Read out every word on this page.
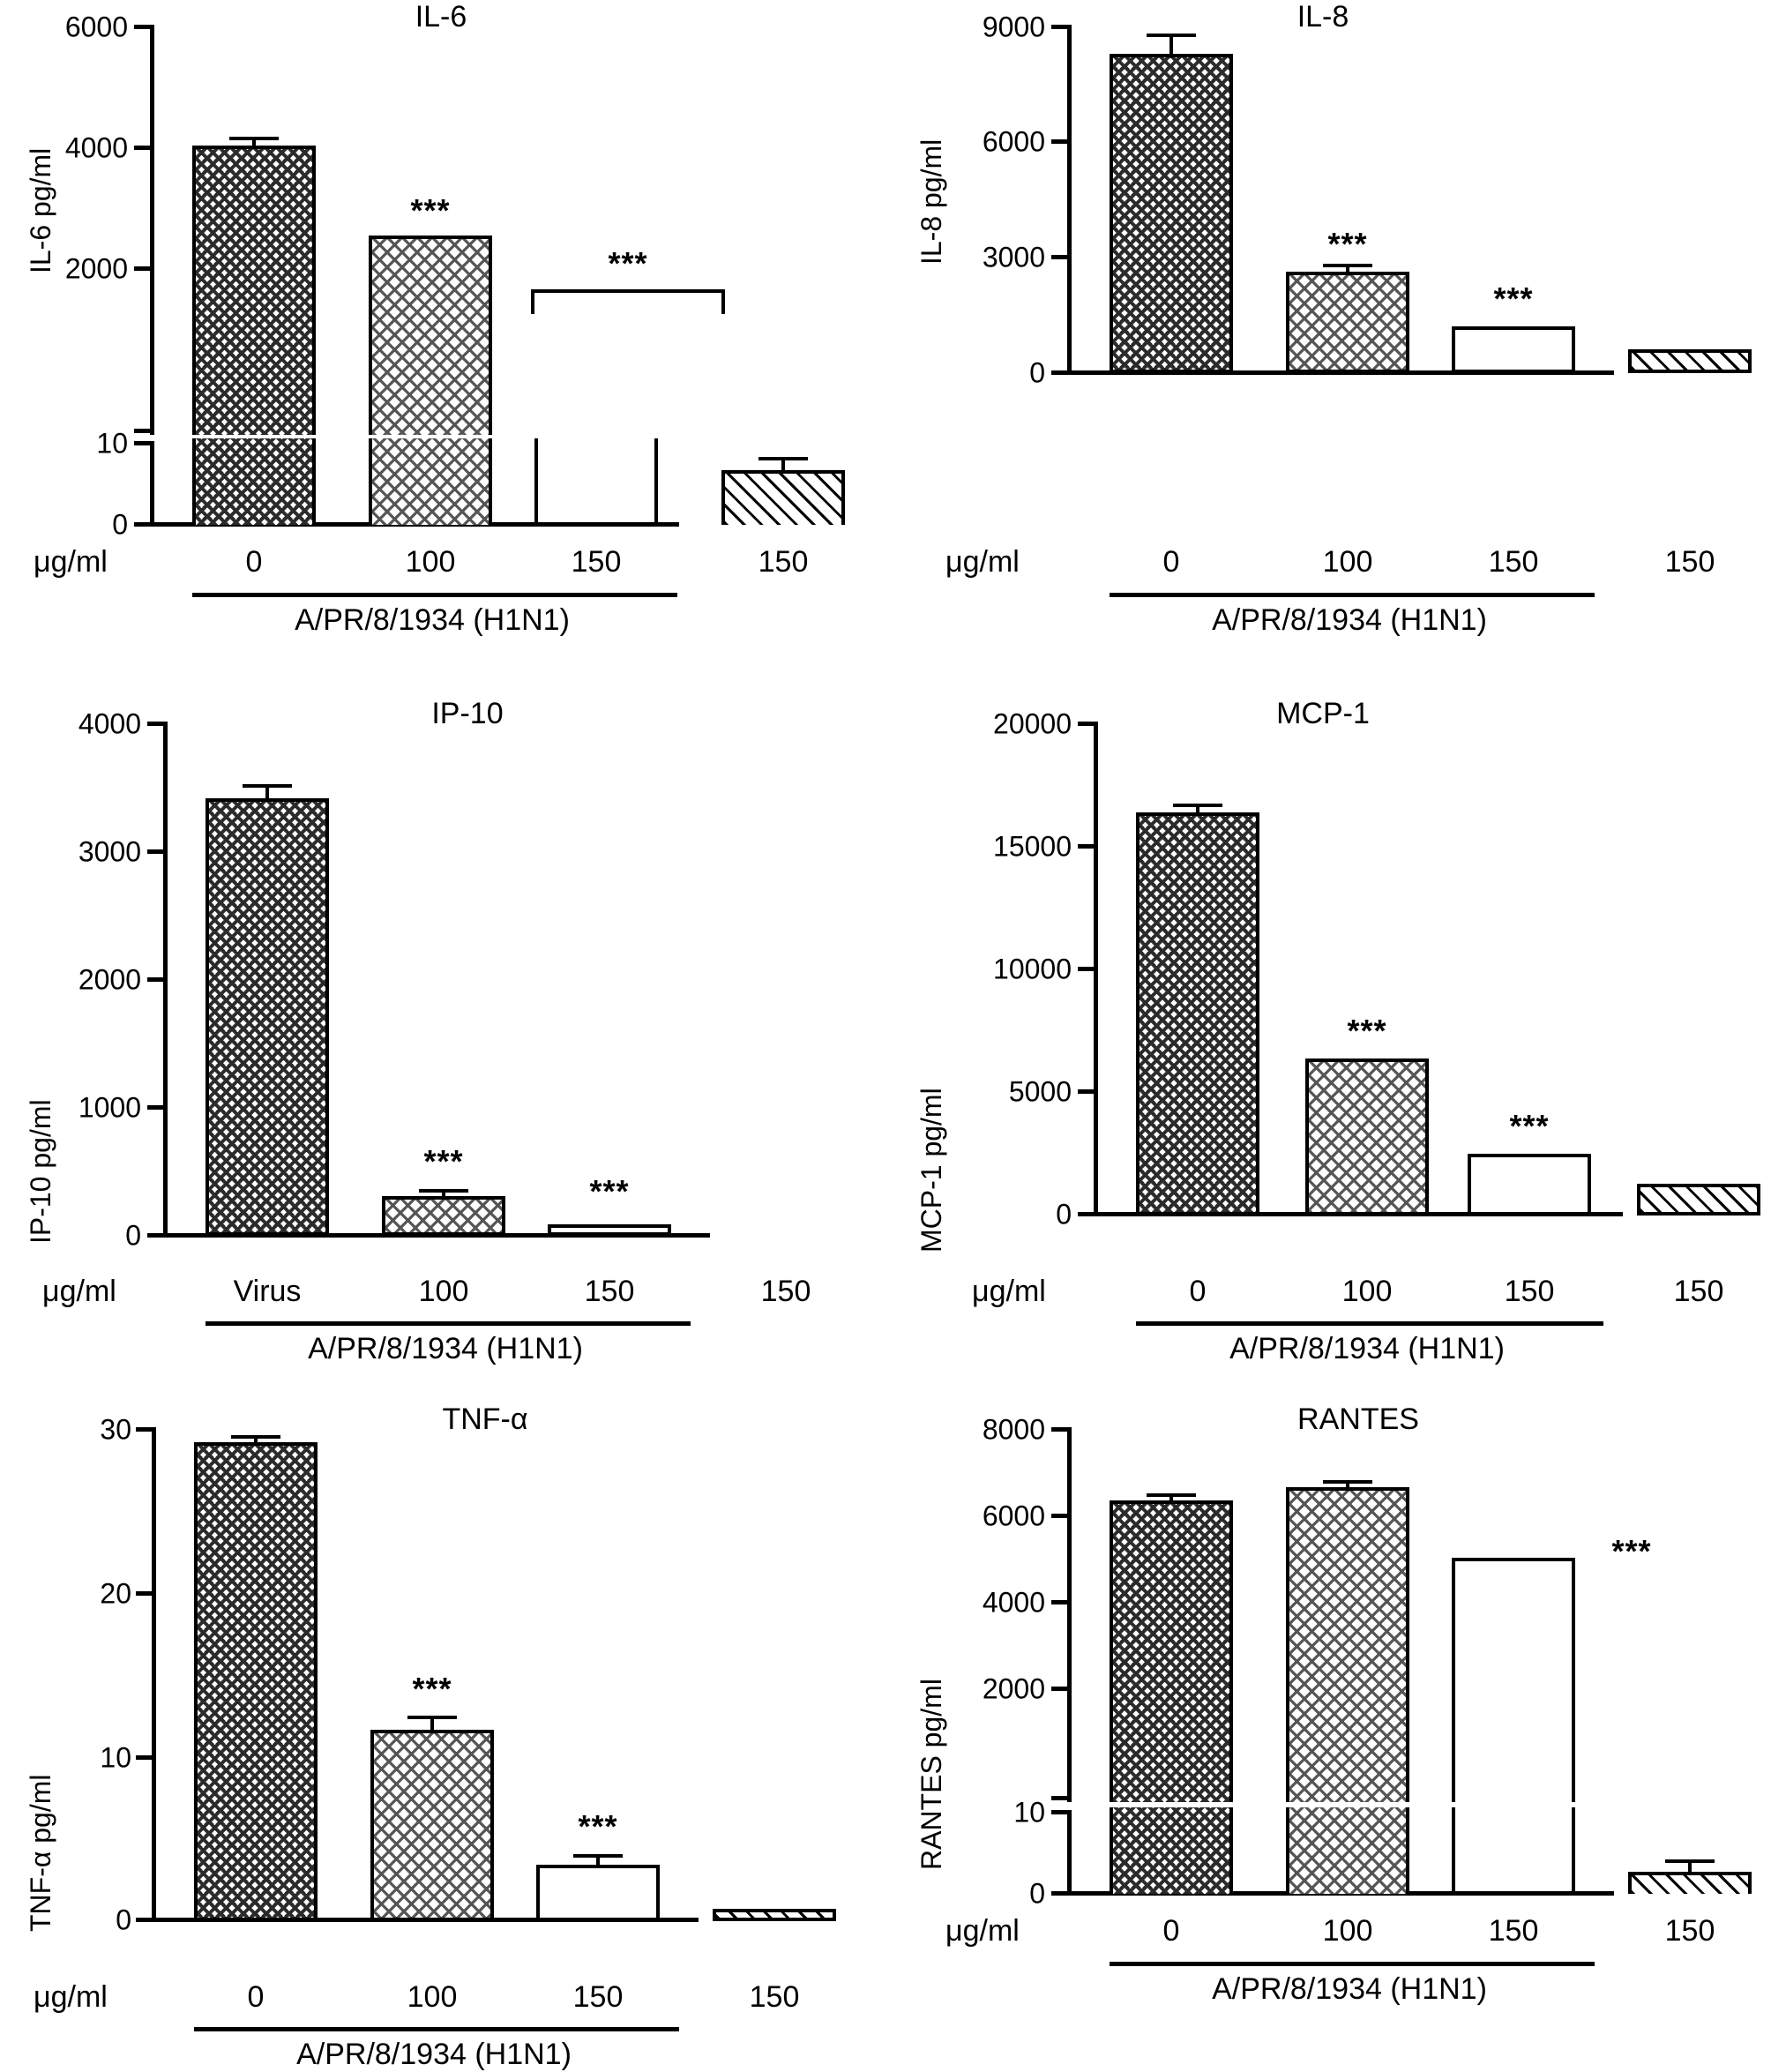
IL-6
IL-6 pg/ml
6000
4000
2000
***
***
10
0
μg/ml	0	100	150	150
A/PR/8/1934 (H1N1)
IL-8
IL-8 pg/ml
9000
6000
3000
0
***
***
μg/ml	0	100	150	150
A/PR/8/1934 (H1N1)
IP-10
IP-10 pg/ml
4000
3000
2000
1000
0
***
***
μg/ml	Virus	100	150	150
A/PR/8/1934 (H1N1)
MCP-1
MCP-1 pg/ml
20000
15000
10000
5000
0
***
***
μg/ml	0	100	150	150
A/PR/8/1934 (H1N1)
TNF-α
TNF-α pg/ml
30
20
10
0
***
***
μg/ml	0	100	150	150
A/PR/8/1934 (H1N1)
RANTES
RANTES pg/ml
8000
6000
4000
2000
***
10
0
μg/ml	0	100	150	150
A/PR/8/1934 (H1N1)
